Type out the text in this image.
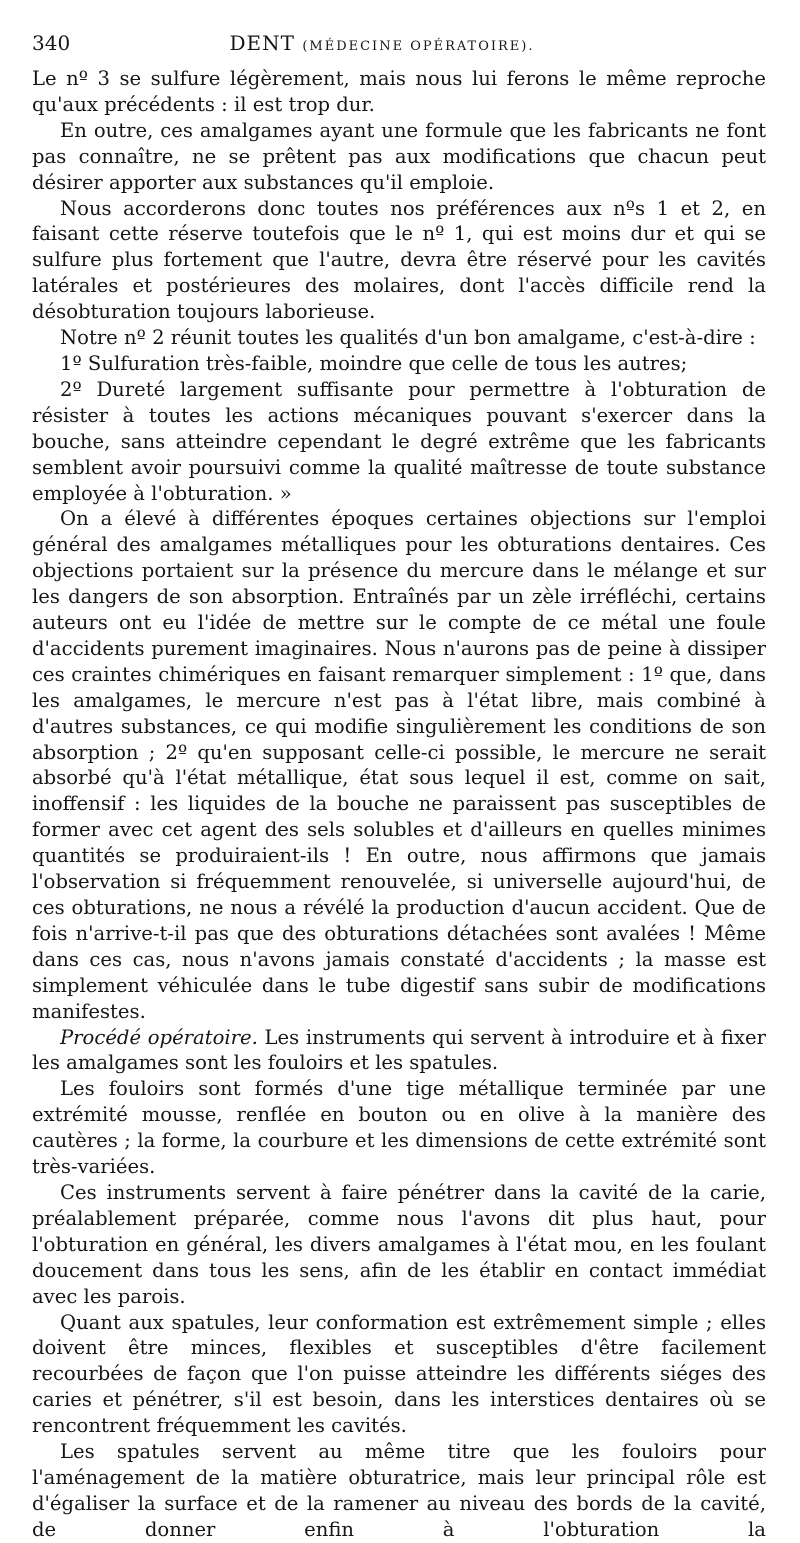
340	DENT (MÉDECINE OPÉRATOIRE).

Le nº 3 se sulfure légèrement, mais nous lui ferons le même reproche qu'aux précédents : il est trop dur.

En outre, ces amalgames ayant une formule que les fabricants ne font pas connaître, ne se prêtent pas aux modifications que chacun peut désirer apporter aux substances qu'il emploie.

Nous accorderons donc toutes nos préférences aux nºs 1 et 2, en faisant cette réserve toutefois que le nº 1, qui est moins dur et qui se sulfure plus fortement que l'autre, devra être réservé pour les cavités latérales et postérieures des molaires, dont l'accès difficile rend la désobturation toujours laborieuse.

Notre nº 2 réunit toutes les qualités d'un bon amalgame, c'est-à-dire :

1º Sulfuration très-faible, moindre que celle de tous les autres;

2º Dureté largement suffisante pour permettre à l'obturation de résister à toutes les actions mécaniques pouvant s'exercer dans la bouche, sans atteindre cependant le degré extrême que les fabricants semblent avoir poursuivi comme la qualité maîtresse de toute substance employée à l'obturation. »

On a élevé à différentes époques certaines objections sur l'emploi général des amalgames métalliques pour les obturations dentaires. Ces objections portaient sur la présence du mercure dans le mélange et sur les dangers de son absorption. Entraînés par un zèle irréfléchi, certains auteurs ont eu l'idée de mettre sur le compte de ce métal une foule d'accidents purement imaginaires. Nous n'aurons pas de peine à dissiper ces craintes chimériques en faisant remarquer simplement : 1º que, dans les amalgames, le mercure n'est pas à l'état libre, mais combiné à d'autres substances, ce qui modifie singulièrement les conditions de son absorption ; 2º qu'en supposant celle-ci possible, le mercure ne serait absorbé qu'à l'état métallique, état sous lequel il est, comme on sait, inoffensif : les liquides de la bouche ne paraissent pas susceptibles de former avec cet agent des sels solubles et d'ailleurs en quelles minimes quantités se produiraient-ils ! En outre, nous affirmons que jamais l'observation si fréquemment renouvelée, si universelle aujourd'hui, de ces obturations, ne nous a révélé la production d'aucun accident. Que de fois n'arrive-t-il pas que des obturations détachées sont avalées ! Même dans ces cas, nous n'avons jamais constaté d'accidents ; la masse est simplement véhiculée dans le tube digestif sans subir de modifications manifestes.

Procédé opératoire. Les instruments qui servent à introduire et à fixer les amalgames sont les fouloirs et les spatules.

Les fouloirs sont formés d'une tige métallique terminée par une extrémité mousse, renflée en bouton ou en olive à la manière des cautères ; la forme, la courbure et les dimensions de cette extrémité sont très-variées.

Ces instruments servent à faire pénétrer dans la cavité de la carie, préalablement préparée, comme nous l'avons dit plus haut, pour l'obturation en général, les divers amalgames à l'état mou, en les foulant doucement dans tous les sens, afin de les établir en contact immédiat avec les parois.

Quant aux spatules, leur conformation est extrêmement simple ; elles doivent être minces, flexibles et susceptibles d'être facilement recourbées de façon que l'on puisse atteindre les différents siéges des caries et pénétrer, s'il est besoin, dans les interstices dentaires où se rencontrent fréquemment les cavités.

Les spatules servent au même titre que les fouloirs pour l'aménagement de la matière obturatrice, mais leur principal rôle est d'égaliser la surface et de la ramener au niveau des bords de la cavité, de donner enfin à l'obturation la
